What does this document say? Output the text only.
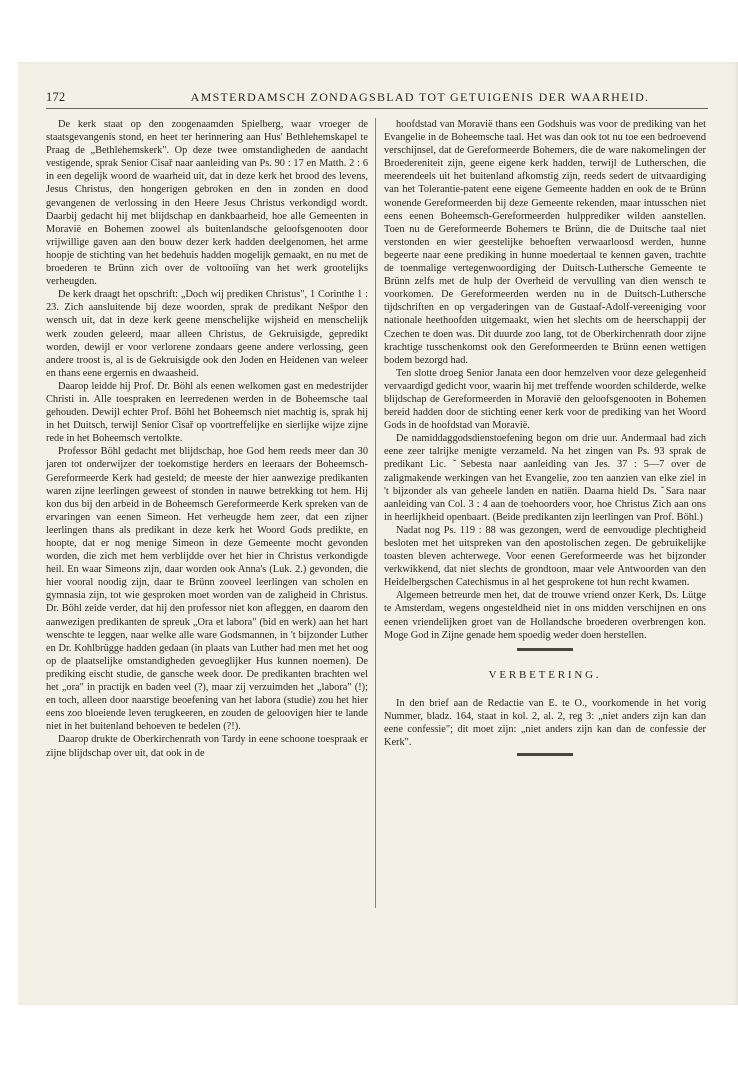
172	AMSTERDAMSCH ZONDAGSBLAD TOT GETUIGENIS DER WAARHEID.

De kerk staat op den zoogenaamden Spielberg, waar vroeger de staatsgevangenis stond, en heet ter herinnering aan Hus' Bethlehemskapel te Praag de „Bethlehemskerk". Op deze twee omstandigheden de aandacht vestigende, sprak Senior Cisař naar aanleiding van Ps. 90 : 17 en Matth. 2 : 6 in een degelijk woord de waarheid uit, dat in deze kerk het brood des levens, Jesus Christus, den hongerigen gebroken en den in zonden en dood gevangenen de verlossing in den Heere Jesus Christus verkondigd wordt. Daarbij gedacht hij met blijdschap en dankbaarheid, hoe alle Gemeenten in Moravië en Bohemen zoowel als buitenlandsche geloofsgenooten door vrijwillige gaven aan den bouw dezer kerk hadden deelgenomen, het arme hoopje de stichting van het bedehuis hadden mogelijk gemaakt, en nu met de broederen te Brünn zich over de voltooiïng van het werk grootelijks verheugden.

De kerk draagt het opschrift: „Doch wij prediken Christus", 1 Corinthe 1 : 23. Zich aansluitende bij deze woorden, sprak de predikant Nešpor den wensch uit, dat in deze kerk geene menschelijke wijsheid en menschelijk werk zouden geleerd, maar alleen Christus, de Gekruisigde, gepredikt worden, dewijl er voor verlorene zondaars geene andere verlossing, geen andere troost is, al is de Gekruisigde ook den Joden en Heidenen van weleer en thans eene ergernis en dwaasheid.

Daarop leidde hij Prof. Dr. Böhl als eenen welkomen gast en medestrijder Christi in. Alle toespraken en leerredenen werden in de Boheemsche taal gehouden. Dewijl echter Prof. Böhl het Boheemsch niet machtig is, sprak hij in het Duitsch, terwijl Senior Cisař op voortreffelijke en sierlijke wijze zijne rede in het Boheemsch vertolkte.

Professor Böhl gedacht met blijdschap, hoe God hem reeds meer dan 30 jaren tot onderwijzer der toekomstige herders en leeraars der Boheemsch-Gereformeerde Kerk had gesteld; de meeste der hier aanwezige predikanten waren zijne leerlingen geweest of stonden in nauwe betrekking tot hem. Hij kon dus bij den arbeid in de Boheemsch Gereformeerde Kerk spreken van de ervaringen van eenen Simeon. Het verheugde hem zeer, dat een zijner leerlingen thans als predikant in deze kerk het Woord Gods predikte, en hoopte, dat er nog menige Simeon in deze Gemeente mocht gevonden worden, die zich met hem verblijdde over het hier in Christus verkondigde heil. En waar Simeons zijn, daar worden ook Anna's (Luk. 2.) gevonden, die hier vooral noodig zijn, daar te Brünn zooveel leerlingen van scholen en gymnasia zijn, tot wie gesproken moet worden van de zaligheid in Christus. Dr. Böhl zeide verder, dat hij den professor niet kon afleggen, en daarom den aanwezigen predikanten de spreuk „Ora et labora" (bid en werk) aan het hart wenschte te leggen, naar welke alle ware Godsmannen, in 't bijzonder Luther en Dr. Kohlbrügge hadden gedaan (in plaats van Luther had men met het oog op de plaatselijke omstandigheden gevoeglijker Hus kunnen noemen). De prediking eischt studie, de gansche week door. De predikanten brachten wel het „ora" in practijk en baden veel (?), maar zij verzuimden het „labora" (!); en toch, alleen door naarstige beoefening van het labora (studie) zou het hier eens zoo bloeiende leven terugkeeren, en zouden de geloovigen hier te lande niet in het buitenland behoeven te bedelen (?!).

Daarop drukte de Oberkirchenrath von Tardy in eene schoone toespraak er zijne blijdschap over uit, dat ook in de

hoofdstad van Moravië thans een Godshuis was voor de prediking van het Evangelie in de Boheemsche taal. Het was dan ook tot nu toe een bedroevend verschijnsel, dat de Gereformeerde Bohemers, die de ware nakomelingen der Broedereniteit zijn, geene eigene kerk hadden, terwijl de Lutherschen, die meerendeels uit het buitenland afkomstig zijn, reeds sedert de uitvaardiging van het Tolerantie-patent eene eigene Gemeente hadden en ook de te Brünn wonende Gereformeerden bij deze Gemeente rekenden, maar intusschen niet eens eenen Boheemsch-Gereformeerden hulpprediker wilden aanstellen. Toen nu de Gereformeerde Bohemers te Brünn, die de Duitsche taal niet verstonden en wier geestelijke behoeften verwaarloosd werden, hunne begeerte naar eene prediking in hunne moedertaal te kennen gaven, trachtte de toenmalige vertegenwoordiging der Duitsch-Luthersche Gemeente te Brünn zelfs met de hulp der Overheid de vervulling van dien wensch te voorkomen. De Gereformeerden werden nu in de Duitsch-Luthersche tijdschriften en op vergaderingen van de Gustaaf-Adolf-vereeniging voor nationale heethoofden uitgemaakt, wien het slechts om de heerschappij der Czechen te doen was. Dit duurde zoo lang, tot de Oberkirchenrath door zijne krachtige tusschenkomst ook den Gereformeerden te Brünn eenen wettigen bodem bezorgd had.

Ten slotte droeg Senior Janata een door hemzelven voor deze gelegenheid vervaardigd gedicht voor, waarin hij met treffende woorden schilderde, welke blijdschap de Gereformeerden in Moravië den geloofsgenooten in Bohemen bereid hadden door de stichting eener kerk voor de prediking van het Woord Gods in de hoofdstad van Moravië.

De namiddaggodsdienstoefening begon om drie uur. Andermaal had zich eene zeer talrijke menigte verzameld. Na het zingen van Ps. 93 sprak de predikant Lic. ˇSebesta naar aanleiding van Jes. 37 : 5—7 over de zaligmakende werkingen van het Evangelie, zoo ten aanzien van elke ziel in 't bijzonder als van geheele landen en natiën. Daarna hield Ds. ˇSara naar aanleiding van Col. 3 : 4 aan de toehoorders voor, hoe Christus Zich aan ons in heerlijkheid openbaart. (Beide predikanten zijn leerlingen van Prof. Böhl.)

Nadat nog Ps. 119 : 88 was gezongen, werd de eenvoudige plechtigheid besloten met het uitspreken van den apostolischen zegen. De gebruikelijke toasten bleven achterwege. Voor eenen Gereformeerde was het bijzonder verkwikkend, dat niet slechts de grondtoon, maar vele Antwoorden van den Heidelbergschen Catechismus in al het gesprokene tot hun recht kwamen.

Algemeen betreurde men het, dat de trouwe vriend onzer Kerk, Ds. Lütge te Amsterdam, wegens ongesteldheid niet in ons midden verschijnen en ons eenen vriendelijken groet van de Hollandsche broederen overbrengen kon. Moge God in Zijne genade hem spoedig weder doen herstellen.

VERBETERING.

In den brief aan de Redactie van E. te O., voorkomende in het vorig Nummer, bladz. 164, staat in kol. 2, al. 2, reg 3: „niet anders zijn kan dan eene confessie"; dit moet zijn: „niet anders zijn kan dan de confessie der Kerk".
